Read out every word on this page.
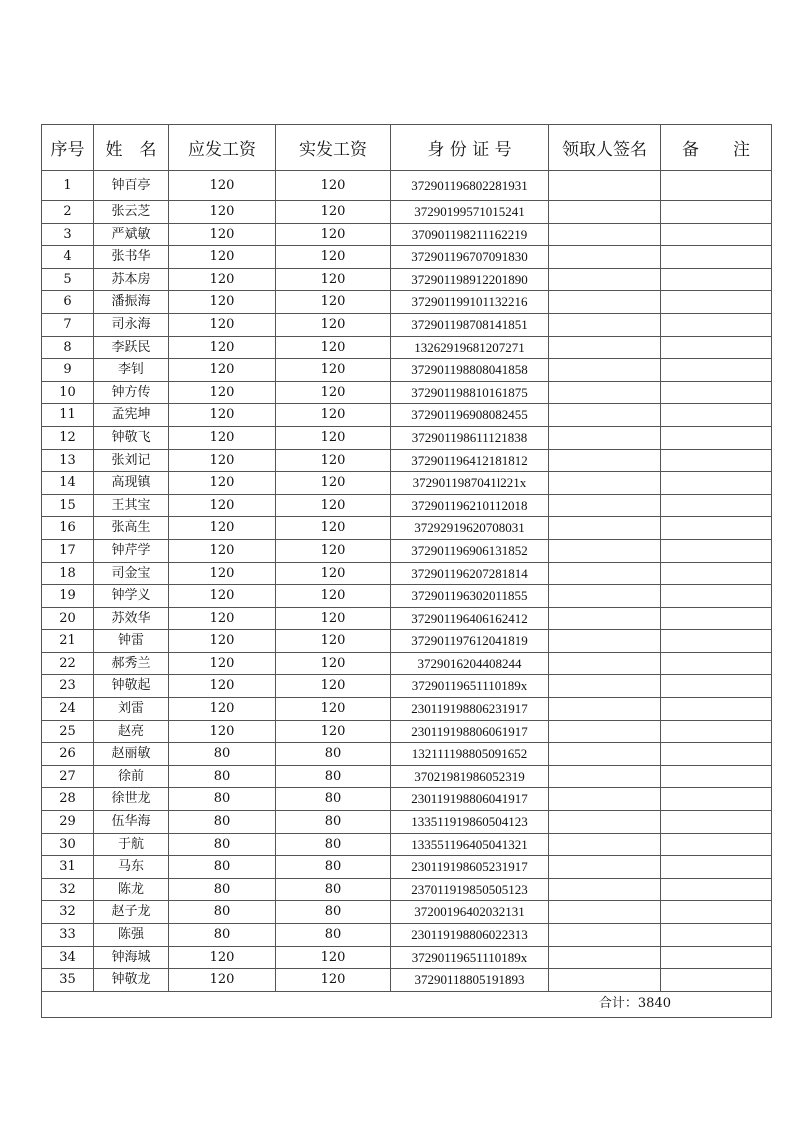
序号	姓　名	应发工资	实发工资	身 份 证 号	领取人签名	备　　注
1	钟百亭	120	120	372901196802281931		
2	张云芝	120	120	37290199571015241		
3	严斌敏	120	120	370901198211162219		
4	张书华	120	120	372901196707091830		
5	苏本房	120	120	372901198912201890		
6	潘振海	120	120	372901199101132216		
7	司永海	120	120	372901198708141851		
8	李跃民	120	120	13262919681207271		
9	李钊	120	120	372901198808041858		
10	钟方传	120	120	372901198810161875		
11	孟宪坤	120	120	372901196908082455		
12	钟敬飞	120	120	372901198611121838		
13	张刘记	120	120	372901196412181812		
14	高现镇	120	120	3729011987041l221x		
15	王其宝	120	120	372901196210112018		
16	张高生	120	120	37292919620708031		
17	钟芹学	120	120	372901196906131852		
18	司金宝	120	120	372901196207281814		
19	钟学义	120	120	372901196302011855		
20	苏效华	120	120	372901196406162412		
21	钟雷	120	120	372901197612041819		
22	郝秀兰	120	120	3729016204408244		
23	钟敬起	120	120	37290119651110189x		
24	刘雷	120	120	230119198806231917		
25	赵亮	120	120	230119198806061917		
26	赵丽敏	80	80	132111198805091652		
27	徐前	80	80	37021981986052319		
28	徐世龙	80	80	230119198806041917		
29	伍华海	80	80	133511919860504123		
30	于航	80	80	133551196405041321		
31	马东	80	80	230119198605231917		
32	陈龙	80	80	237011919850505123		
32	赵子龙	80	80	37200196402032131		
33	陈强	80	80	230119198806022313		
34	钟海城	120	120	37290119651110189x		
35	钟敬龙	120	120	37290118805191893		
合计：3840						
